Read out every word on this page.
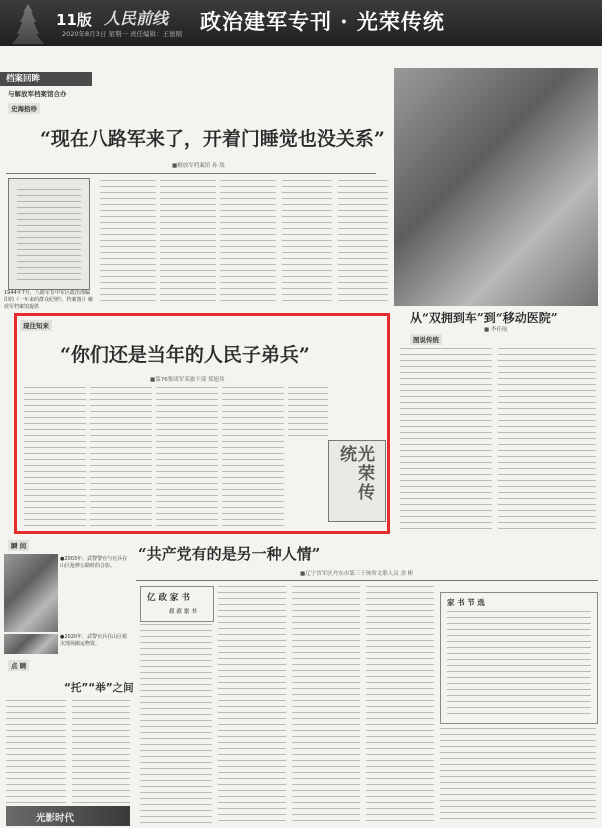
11版 人民前线
2020年8月3日 星期一 责任编辑：王德刚 政治建军专刊 · 光荣传统
档案回眸
与解放军档案馆合办
史海拾珍
“现在八路军来了，开着门睡觉也没关系”
■解放军档案馆 孙 琰
1944年7月，八路军晋中军区政治部编印的《一年来的群众纪律》。档案图片 解放军档案馆提供
从“双拥到车”到“移动医院”
■ 李佳航
图说传统
现往知来
“你们还是当年的人民子弟兵”
■第76集团军某旅干部 郑旭伟
光荣传统
瞬 间
●2003年，武警警官与官兵在山区抢修公路时的合影。
●2020年，武警官兵在山区救灾现场搬运物资。
点 睛
“托”“举”之间
光影时代
“共产党有的是另一种人情”
■辽宁省军区丹东市第三干休所文职人员 余 彬
亿 政 家 书
叔 叔 家 书
家 书 节 选
